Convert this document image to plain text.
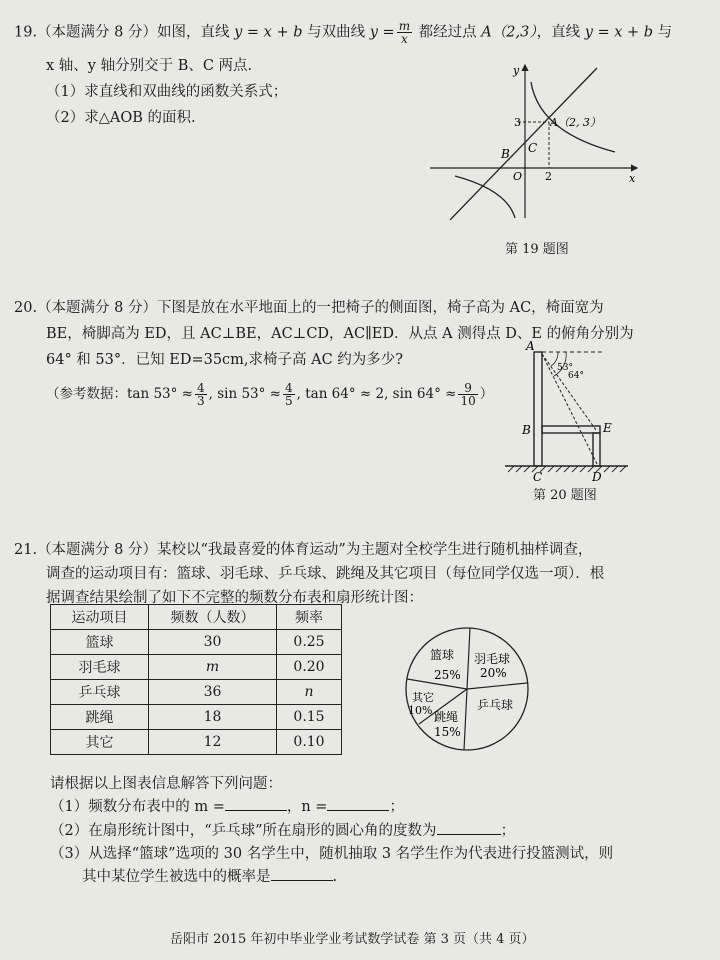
19.（本题满分 8 分）如图，直线 y = x + b 与双曲线 $y = \frac{m}{x}$ 都经过点 A（2,3），直线 y = x + b 与
x 轴、y 轴分别交于 B、C 两点.
（1）求直线和双曲线的函数关系式；
（2）求△AOB 的面积.
y
x
3
2
A（2, 3）
B C
O
第 19 题图
20.（本题满分 8 分）下图是放在水平地面上的一把椅子的侧面图，椅子高为 AC，椅面宽为
BE，椅脚高为 ED，且 AC⊥BE，AC⊥CD，AC∥ED．从点 A 测得点 D、E 的俯角分别为
64° 和 53°．已知 ED=35cm,求椅子高 AC 约为多少?
（参考数据：$\tan 53^\circ \approx \frac{4}{3}$ , $\sin 53^\circ \approx \frac{4}{5}$ , tan 64° ≈ 2, $\sin 64^\circ \approx \frac{9}{10}$ ）
A
B
C	D
E
53°
64°
第 20 题图
21.（本题满分 8 分）某校以“我最喜爱的体育运动”为主题对全校学生进行随机抽样调查，
调查的运动项目有：篮球、羽毛球、乒乓球、跳绳及其它项目（每位同学仅选一项）．根
据调查结果绘制了如下不完整的频数分布表和扇形统计图：
运动项目	频数（人数）	频率
篮球	30	0.25
羽毛球	m	0.20
乒乓球	36	n
跳绳	18	0.15
其它	12	0.10
篮球
25%
羽毛球
20%
乒乓球
其它
10% 跳绳
15%
请根据以上图表信息解答下列问题：
（1）频数分布表中的 m =	，n =	；
（2）在扇形统计图中，“乒乓球”所在扇形的圆心角的度数为	；
（3）从选择“篮球”选项的 30 名学生中，随机抽取 3 名学生作为代表进行投篮测试，则
其中某位学生被选中的概率是	.
岳阳市 2015 年初中毕业学业考试数学试卷 第 3 页（共 4 页）
